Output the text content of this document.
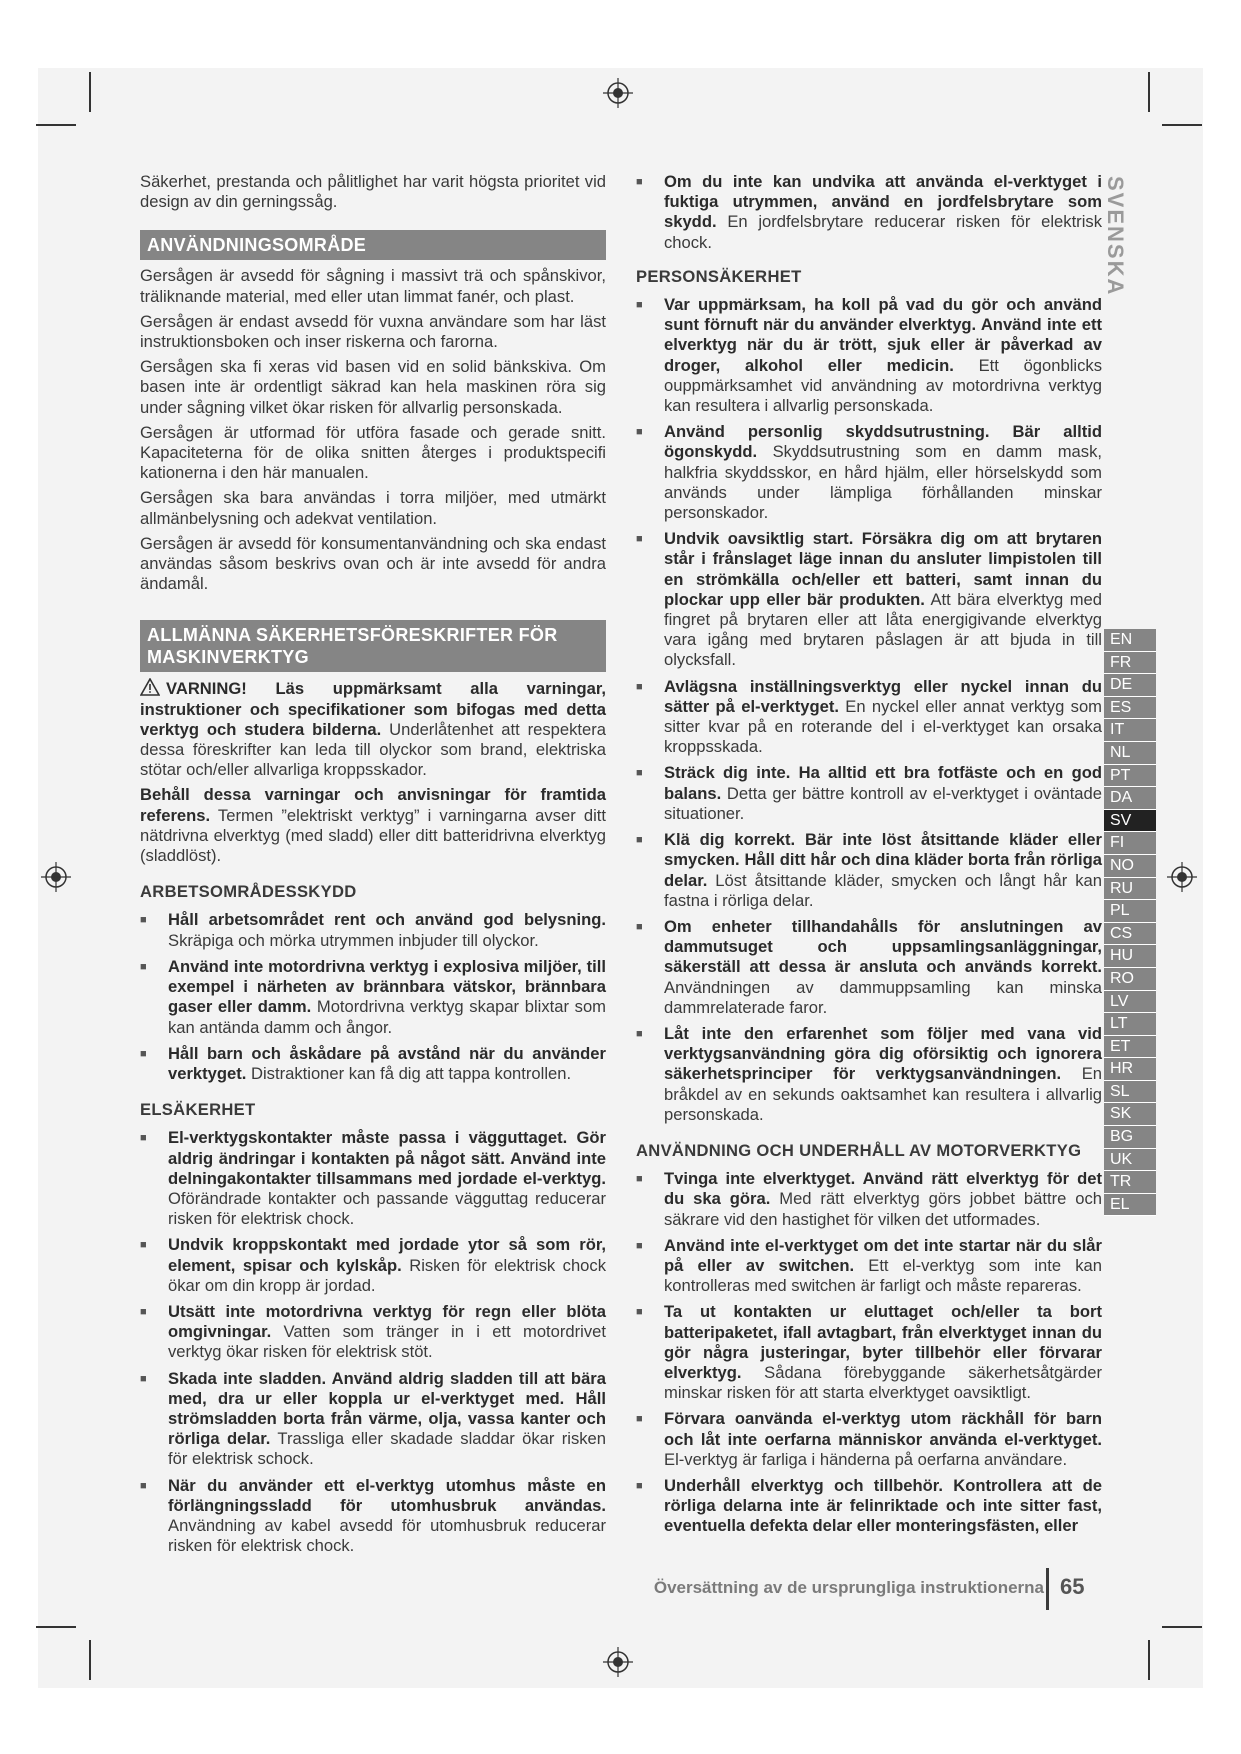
Säkerhet, prestanda och pålitlighet har varit högsta prioritet vid design av din gerningssåg.

ANVÄNDNINGSOMRÅDE

Gersågen är avsedd för sågning i massivt trä och spånskivor, träliknande material, med eller utan limmat fanér, och plast.

Gersågen är endast avsedd för vuxna användare som har läst instruktionsboken och inser riskerna och farorna.

Gersågen ska fi xeras vid basen vid en solid bänkskiva. Om basen inte är ordentligt säkrad kan hela maskinen röra sig under sågning vilket ökar risken för allvarlig personskada.

Gersågen är utformad för utföra fasade och gerade snitt. Kapaciteterna för de olika snitten återges i produktspecifi kationerna i den här manualen.

Gersågen ska bara användas i torra miljöer, med utmärkt allmänbelysning och adekvat ventilation.

Gersågen är avsedd för konsumentanvändning och ska endast användas såsom beskrivs ovan och är inte avsedd för andra ändamål.

ALLMÄNNA SÄKERHETSFÖRESKRIFTER FÖR MASKINVERKTYG

VARNING! Läs uppmärksamt alla varningar, instruktioner och specifikationer som bifogas med detta verktyg och studera bilderna. Underlåtenhet att respektera dessa föreskrifter kan leda till olyckor som brand, elektriska stötar och/eller allvarliga kroppsskador.

Behåll dessa varningar och anvisningar för framtida referens. Termen ”elektriskt verktyg” i varningarna avser ditt nätdrivna elverktyg (med sladd) eller ditt batteridrivna elverktyg (sladdlöst).

ARBETSOMRÅDESSKYDD
■ Håll arbetsområdet rent och använd god belysning. Skräpiga och mörka utrymmen inbjuder till olyckor.
■ Använd inte motordrivna verktyg i explosiva miljöer, till exempel i närheten av brännbara vätskor, brännbara gaser eller damm. Motordrivna verktyg skapar blixtar som kan antända damm och ångor.
■ Håll barn och åskådare på avstånd när du använder verktyget. Distraktioner kan få dig att tappa kontrollen.
ELSÄKERHET
■ El-verktygskontakter måste passa i vägguttaget. Gör aldrig ändringar i kontakten på något sätt. Använd inte delningakontakter tillsammans med jordade el-verktyg. Oförändrade kontakter och passande vägguttag reducerar risken för elektrisk chock.
■ Undvik kroppskontakt med jordade ytor så som rör, element, spisar och kylskåp. Risken för elektrisk chock ökar om din kropp är jordad.
■ Utsätt inte motordrivna verktyg för regn eller blöta omgivningar. Vatten som tränger in i ett motordrivet verktyg ökar risken för elektrisk stöt.
■ Skada inte sladden. Använd aldrig sladden till att bära med, dra ur eller koppla ur el-verktyget med. Håll strömsladden borta från värme, olja, vassa kanter och rörliga delar. Trassliga eller skadade sladdar ökar risken för elektrisk schock.
■ När du använder ett el-verktyg utomhus måste en förlängningssladd för utomhusbruk användas. Användning av kabel avsedd för utomhusbruk reducerar risken för elektrisk chock.
■ Om du inte kan undvika att använda el-verktyget i fuktiga utrymmen, använd en jordfelsbrytare som skydd. En jordfelsbrytare reducerar risken för elektrisk chock.
PERSONSÄKERHET
■ Var uppmärksam, ha koll på vad du gör och använd sunt förnuft när du använder elverktyg. Använd inte ett elverktyg när du är trött, sjuk eller är påverkad av droger, alkohol eller medicin. Ett ögonblicks ouppmärksamhet vid användning av motordrivna verktyg kan resultera i allvarlig personskada.
■ Använd personlig skyddsutrustning. Bär alltid ögonskydd. Skyddsutrustning som en damm mask, halkfria skyddsskor, en hård hjälm, eller hörselskydd som används under lämpliga förhållanden minskar personskador.
■ Undvik oavsiktlig start. Försäkra dig om att brytaren står i frånslaget läge innan du ansluter limpistolen till en strömkälla och/eller ett batteri, samt innan du plockar upp eller bär produkten. Att bära elverktyg med fingret på brytaren eller att låta energigivande elverktyg vara igång med brytaren påslagen är att bjuda in till olycksfall.
■ Avlägsna inställningsverktyg eller nyckel innan du sätter på el-verktyget. En nyckel eller annat verktyg som sitter kvar på en roterande del i el-verktyget kan orsaka kroppsskada.
■ Sträck dig inte. Ha alltid ett bra fotfäste och en god balans. Detta ger bättre kontroll av el-verktyget i oväntade situationer.
■ Klä dig korrekt. Bär inte löst åtsittande kläder eller smycken. Håll ditt hår och dina kläder borta från rörliga delar. Löst åtsittande kläder, smycken och långt hår kan fastna i rörliga delar.
■ Om enheter tillhandahålls för anslutningen av dammutsuget och uppsamlingsanläggningar, säkerställ att dessa är ansluta och används korrekt. Användningen av dammuppsamling kan minska dammrelaterade faror.
■ Låt inte den erfarenhet som följer med vana vid verktygsanvändning göra dig oförsiktig och ignorera säkerhetsprinciper för verktygsanvändningen. En bråkdel av en sekunds oaktsamhet kan resultera i allvarlig personskada.
ANVÄNDNING OCH UNDERHÅLL AV MOTORVERKTYG
■ Tvinga inte elverktyget. Använd rätt elverktyg för det du ska göra. Med rätt elverktyg görs jobbet bättre och säkrare vid den hastighet för vilken det utformades.
■ Använd inte el-verktyget om det inte startar när du slår på eller av switchen. Ett el-verktyg som inte kan kontrolleras med switchen är farligt och måste repareras.
■ Ta ut kontakten ur eluttaget och/eller ta bort batteripaketet, ifall avtagbart, från elverktyget innan du gör några justeringar, byter tillbehör eller förvarar elverktyg. Sådana förebyggande säkerhetsåtgärder minskar risken för att starta elverktyget oavsiktligt.
■ Förvara oanvända el-verktyg utom räckhåll för barn och låt inte oerfarna människor använda el-verktyget. El-verktyg är farliga i händerna på oerfarna användare.
■ Underhåll elverktyg och tillbehör. Kontrollera att de rörliga delarna inte är felinriktade och inte sitter fast, eventuella defekta delar eller monteringsfästen, eller
SVENSKA
EN
FR
DE
ES
IT
NL
PT
DA
SV
FI
NO
RU
PL
CS
HU
RO
LV
LT
ET
HR
SL
SK
BG
UK
TR
EL
Översättning av de ursprungliga instruktionerna 65
